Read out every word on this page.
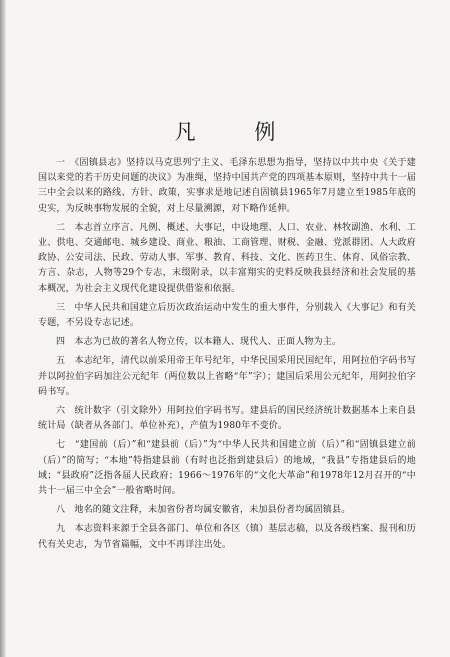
凡 例

一　《固镇县志》坚持以马克思列宁主义、毛泽东思想为指导，坚持以中共中央《关于建国以来党的若干历史问题的决议》为准绳，坚持中国共产党的四项基本原则，坚持中共十一届三中全会以来的路线、方针、政策，实事求是地记述自固镇县1965年7月建立至1985年底的史实，为反映事物发展的全貌，对上尽量溯源，对下略作延伸。

二　本志首立序言、凡例、概述、大事记，中设地理、人口、农业、林牧副渔、水利、工业、供电、交通邮电、城乡建设、商业、粮油、工商管理、财税、金融、党派群团、人大政府政协、公安司法、民政、劳动人事、军事、教育、科技、文化、医药卫生、体育、风俗宗教、方言、杂志，人物等29个专志，末缀附录，以丰富翔实的史料反映我县经济和社会发展的基本概况，为社会主义现代化建设提供借鉴和依据。

三　中华人民共和国建立后历次政治运动中发生的重大事件，分别载入《大事记》和有关专题，不另设专志记述。

四　本志为已故的著名人物立传，以本籍人、现代人、正面人物为主。

五　本志纪年，清代以前采用帝王年号纪年，中华民国采用民国纪年，用阿拉伯字码书写并以阿拉伯字码加注公元纪年（两位数以上省略“年”字）；建国后采用公元纪年，用阿拉伯字码书写。

六　统计数字（引文除外）用阿拉伯字码书写。建县后的国民经济统计数据基本上来自县统计局（缺者从各部门、单位补充），产值为1980年不变价。

七　“建国前（后）”和“建县前（后）”为“中华人民共和国建立前（后）”和“固镇县建立前（后）”的简写；“本地”特指建县前（有时也泛指到建县后）的地域，“我县”专指建县后的地域；“县政府”泛指各届人民政府；1966～1976年的“文化大革命”和1978年12月召开的“中共十一届三中全会”一般省略时间。

八　地名的随文注释，未加省份者均属安徽省，未加县份者均属固镇县。

九　本志资料来源于全县各部门、单位和各区（镇）基层志稿，以及各级档案、报刊和历代有关史志，为节省篇幅，文中不再详注出处。
